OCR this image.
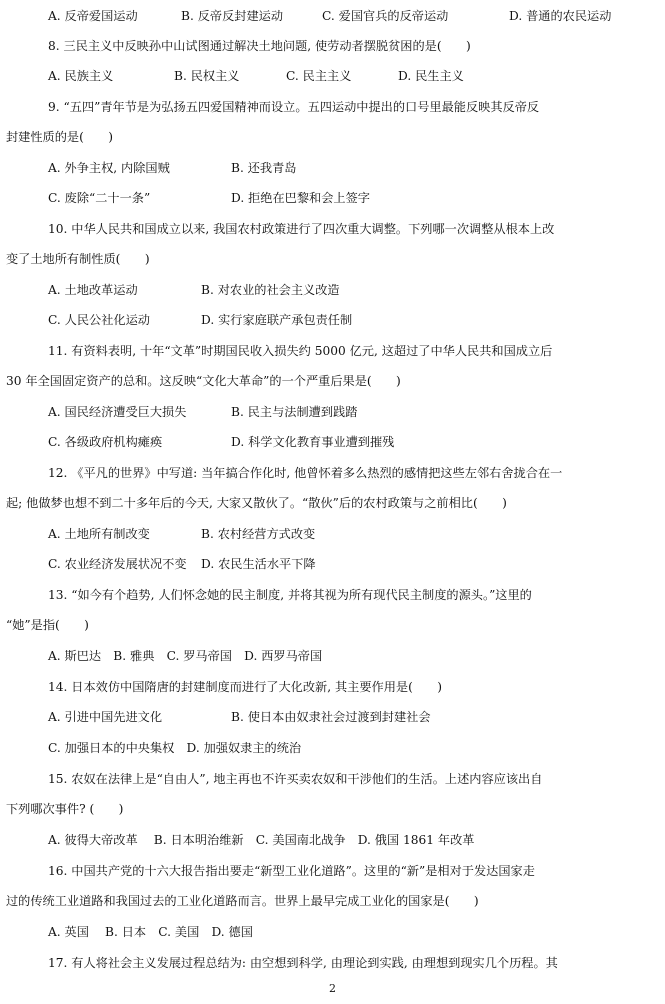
A. 反帝爱国运动	B. 反帝反封建运动	C. 爱国官兵的反帝运动	D. 普通的农民运动
8. 三民主义中反映孙中山试图通过解决土地问题, 使劳动者摆脱贫困的是(　　)
A. 民族主义	B. 民权主义	C. 民主主义	D. 民生主义
9. “五四”青年节是为弘扬五四爱国精神而设立。五四运动中提出的口号里最能反映其反帝反
封建性质的是(　　)
A. 外争主权, 内除国贼	B. 还我青岛
C. 废除“二十一条”	D. 拒绝在巴黎和会上签字
10. 中华人民共和国成立以来, 我国农村政策进行了四次重大调整。下列哪一次调整从根本上改
变了土地所有制性质(　　)
A. 土地改革运动	B. 对农业的社会主义改造
C. 人民公社化运动	D. 实行家庭联产承包责任制
11. 有资料表明, 十年“文革”时期国民收入损失约 5000 亿元, 这超过了中华人民共和国成立后
30 年全国固定资产的总和。这反映“文化大革命”的一个严重后果是(　　)
A. 国民经济遭受巨大损失	B. 民主与法制遭到践踏
C. 各级政府机构瘫痪	D. 科学文化教育事业遭到摧残
12. 《平凡的世界》中写道: 当年搞合作化时, 他曾怀着多么热烈的感情把这些左邻右舍拢合在一
起; 他做梦也想不到二十多年后的今天, 大家又散伙了。“散伙”后的农村政策与之前相比(　　)
A. 土地所有制改变	B. 农村经营方式改变
C. 农业经济发展状况不变 D. 农民生活水平下降
13. “如今有个趋势, 人们怀念她的民主制度, 并将其视为所有现代民主制度的源头。”这里的
“她”是指(　　)
A. 斯巴达　B. 雅典　C. 罗马帝国　D. 西罗马帝国
14. 日本效仿中国隋唐的封建制度而进行了大化改新, 其主要作用是(　　)
A. 引进中国先进文化	B. 使日本由奴隶社会过渡到封建社会
C. 加强日本的中央集权　D. 加强奴隶主的统治
15. 农奴在法律上是“自由人”, 地主再也不许买卖农奴和干涉他们的生活。上述内容应该出自
下列哪次事件? (　　)
A. 彼得大帝改革　 B. 日本明治维新　C. 美国南北战争　D. 俄国 1861 年改革
16. 中国共产党的十六大报告指出要走“新型工业化道路”。这里的“新”是相对于发达国家走
过的传统工业道路和我国过去的工业化道路而言。世界上最早完成工业化的国家是(　　)
A. 英国　 B. 日本　C. 美国　D. 德国
17. 有人将社会主义发展过程总结为: 由空想到科学, 由理论到实践, 由理想到现实几个历程。其
2
